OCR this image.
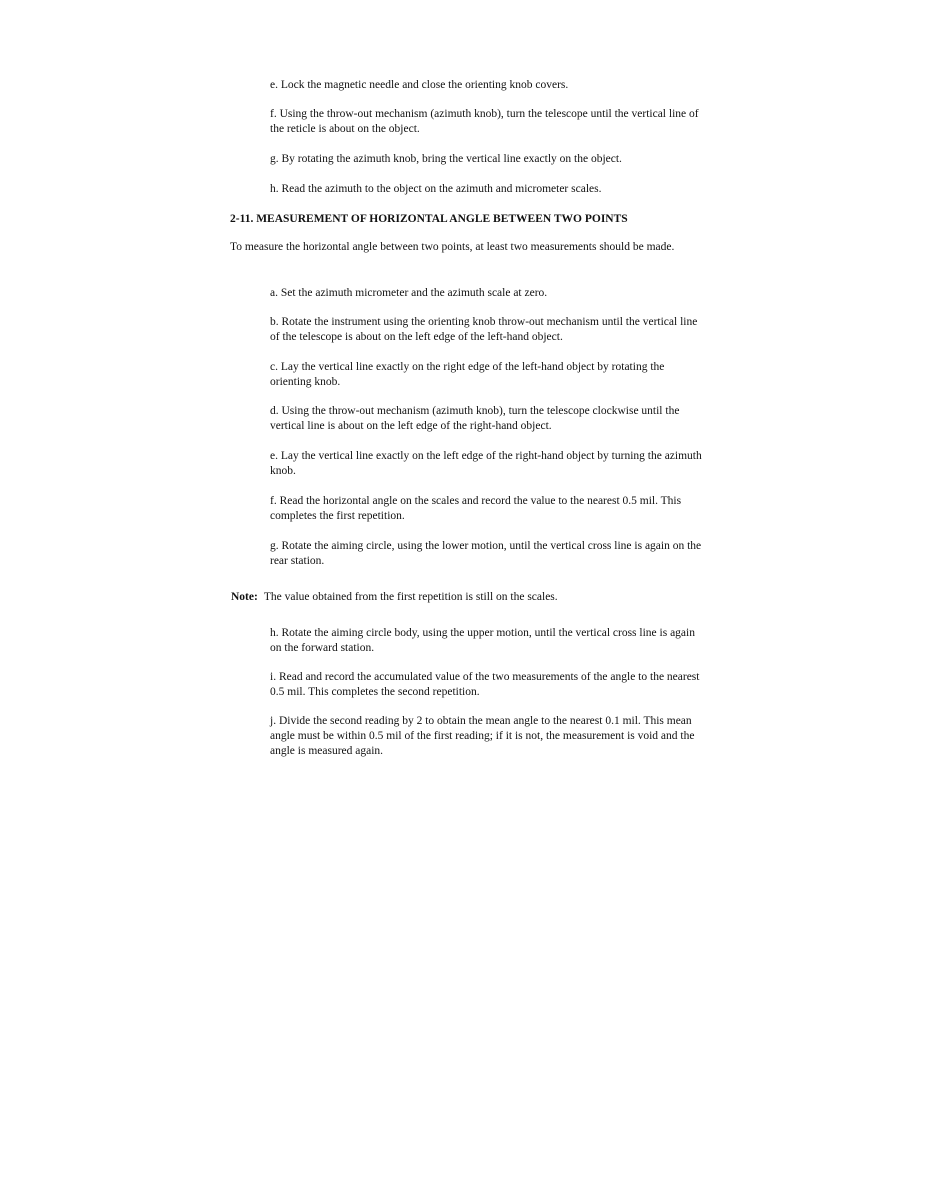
e. Lock the magnetic needle and close the orienting knob covers.

f. Using the throw-out mechanism (azimuth knob), turn the telescope until the vertical line of the reticle is about on the object.

g. By rotating the azimuth knob, bring the vertical line exactly on the object.

h. Read the azimuth to the object on the azimuth and micrometer scales.

2-11. MEASUREMENT OF HORIZONTAL ANGLE BETWEEN TWO POINTS

To measure the horizontal angle between two points, at least two measurements should be made.

a. Set the azimuth micrometer and the azimuth scale at zero.

b. Rotate the instrument using the orienting knob throw-out mechanism until the vertical line of the telescope is about on the left edge of the left-hand object.

c. Lay the vertical line exactly on the right edge of the left-hand object by rotating the orienting knob.

d. Using the throw-out mechanism (azimuth knob), turn the telescope clockwise until the vertical line is about on the left edge of the right-hand object.

e. Lay the vertical line exactly on the left edge of the right-hand object by turning the azimuth knob.

f. Read the horizontal angle on the scales and record the value to the nearest 0.5 mil. This completes the first repetition.

g. Rotate the aiming circle, using the lower motion, until the vertical cross line is again on the rear station.

Note: The value obtained from the first repetition is still on the scales.

h. Rotate the aiming circle body, using the upper motion, until the vertical cross line is again on the forward station.

i. Read and record the accumulated value of the two measurements of the angle to the nearest 0.5 mil. This completes the second repetition.

j. Divide the second reading by 2 to obtain the mean angle to the nearest 0.1 mil. This mean angle must be within 0.5 mil of the first reading; if it is not, the measurement is void and the angle is measured again.
